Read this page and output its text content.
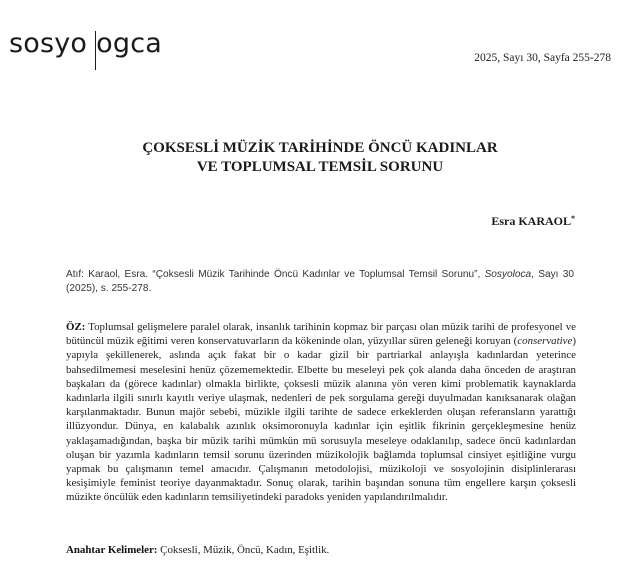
sosyo ogca	2025, Sayı 30, Sayfa 255-278
ÇOKSESLİ MÜZİK TARİHİNDE ÖNCÜ KADINLAR
VE TOPLUMSAL TEMSİL SORUNU
Esra KARAOL*
Atıf: Karaol, Esra. “Çoksesli Müzik Tarihinde Öncü Kadınlar ve Toplumsal Temsil Sorunu”, Sosyoloca, Sayı 30 (2025), s. 255-278.
ÖZ: Toplumsal gelişmelere paralel olarak, insanlık tarihinin kopmaz bir parçası olan müzik tarihi de profesyonel ve bütüncül müzik eğitimi veren konservatuvarların da kökeninde olan, yüzyıllar süren geleneği koruyan (conservative) yapıyla şekillenerek, aslında açık fakat bir o kadar gizil bir partriarkal anlayışla kadınlardan yeterince bahsedilmemesi meselesini henüz çözememektedir. Elbette bu meseleyi pek çok alanda daha önceden de araştıran başkaları da (görece kadınlar) olmakla birlikte, çoksesli müzik alanına yön veren kimi problematik kaynaklarda kadınlarla ilgili sınırlı kayıtlı veriye ulaşmak, nedenleri de pek sorgulama gereği duyulmadan kanıksanarak olağan karşılanmaktadır. Bunun majör sebebi, müzikle ilgili tarihte de sadece erkeklerden oluşan referansların yarattığı illüzyondur. Dünya, en kalabalık azınlık oksimoronuyla kadınlar için eşitlik fikrinin gerçekleşmesine henüz yaklaşamadığından, başka bir müzik tarihi mümkün mü sorusuyla meseleye odaklanılıp, sadece öncü kadınlardan oluşan bir yazımla kadınların temsil sorunu üzerinden müzikolojik bağlamda toplumsal cinsiyet eşitliğine vurgu yapmak bu çalışmanın temel amacıdır. Çalışmanın metodolojisi, müzikoloji ve sosyolojinin disiplinlerarası kesişimiyle feminist teoriye dayanmaktadır. Sonuç olarak, tarihin başından sonuna tüm engellere karşın çoksesli müzikte öncülük eden kadınların temsiliyetindeki paradoks yeniden yapılandırılmalıdır.
Anahtar Kelimeler: Çoksesli, Müzik, Öncü, Kadın, Eşitlik.
